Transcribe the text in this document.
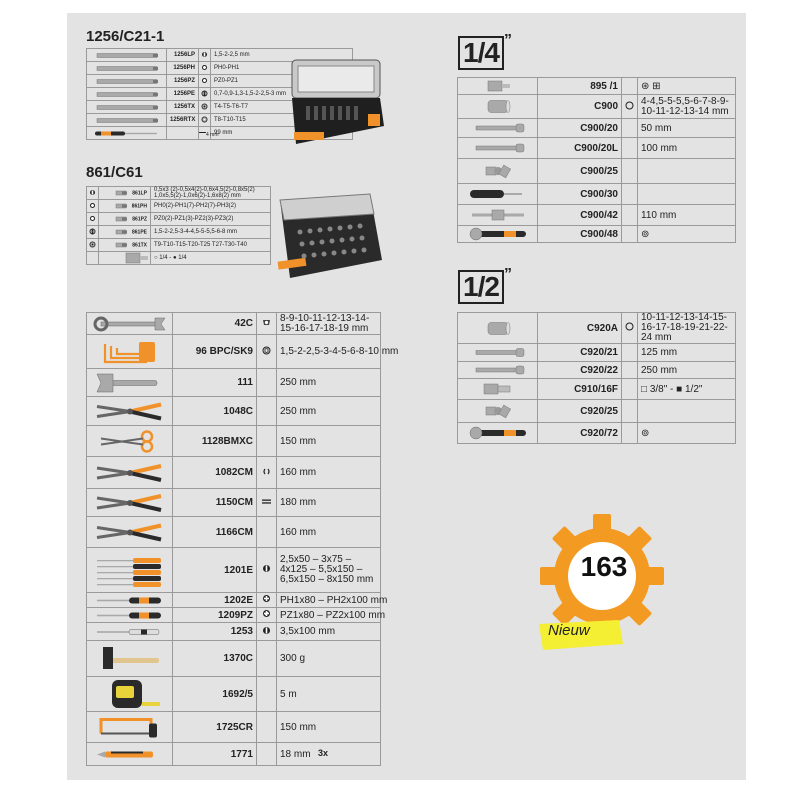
1256/C21-1
	1256LP		1,5-2-2,5 mm

	1256PH		PH0-PH1

	1256PZ		PZ0-PZ1

	1256PE		0,7-0,9-1,3-1,5-2-2,5-3 mm

	1256TX		T4-T5-T6-T7

	1256RTX		T8-T10-T15

		4 mm	99 mm
861/C61
	861LP	0,5x3 (2)-0,5x4(2)-0,6x4,5(2)-0,8x5(2) 1,0x5,5(2)-1,0x6(2)-1,6x8(2) mm
	861PH	PH0(2)-PH1(7)-PH2(7)-PH3(2)
	861PZ	PZ0(2)-PZ1(3)-PZ2(3)-PZ3(2)
	861PE	1,5-2-2,5-3-4-4,5-5-5,5-6-8 mm
	861TX	T9-T10-T15-T20-T25 T27-T30-T40
		○ 1/4 - ● 1/4
	42C		8-9-10-11-12-13-14-15-16-17-18-19 mm

	96 BPC/SK9		1,5-2-2,5-3-4-5-6-8-10 mm

	111		250 mm

	1048C		250 mm

	1128BMXC		150 mm

	1082CM		160 mm

	1150CM		180 mm

	1166CM		160 mm

	1201E		2,5x50 – 3x75 – 4x125 – 5,5x150 – 6,5x150 – 8x150 mm

	1202E		PH1x80 – PH2x100 mm

	1209PZ		PZ1x80 – PZ2x100 mm

	1253		3,5x100 mm

	1370C		300 g

	1692/5		5 m

	1725CR		150 mm

	1771		18 mm 3x
1/4 ”
	895 /1		⊛ ⊞

	C900		4-4,5-5-5,5-6-7-8-9-10-11-12-13-14 mm

	C900/20		50 mm

	C900/20L		100 mm

	C900/25		

	C900/30		

	C900/42		110 mm

	C900/48		⊚
1/2 ”
	C920A		10-11-12-13-14-15-16-17-18-19-21-22-24 mm

	C920/21		125 mm

	C920/22		250 mm

	C910/16F		□ 3/8" - ■ 1/2"

	C920/25		

	C920/72		⊚
163
Nieuw
